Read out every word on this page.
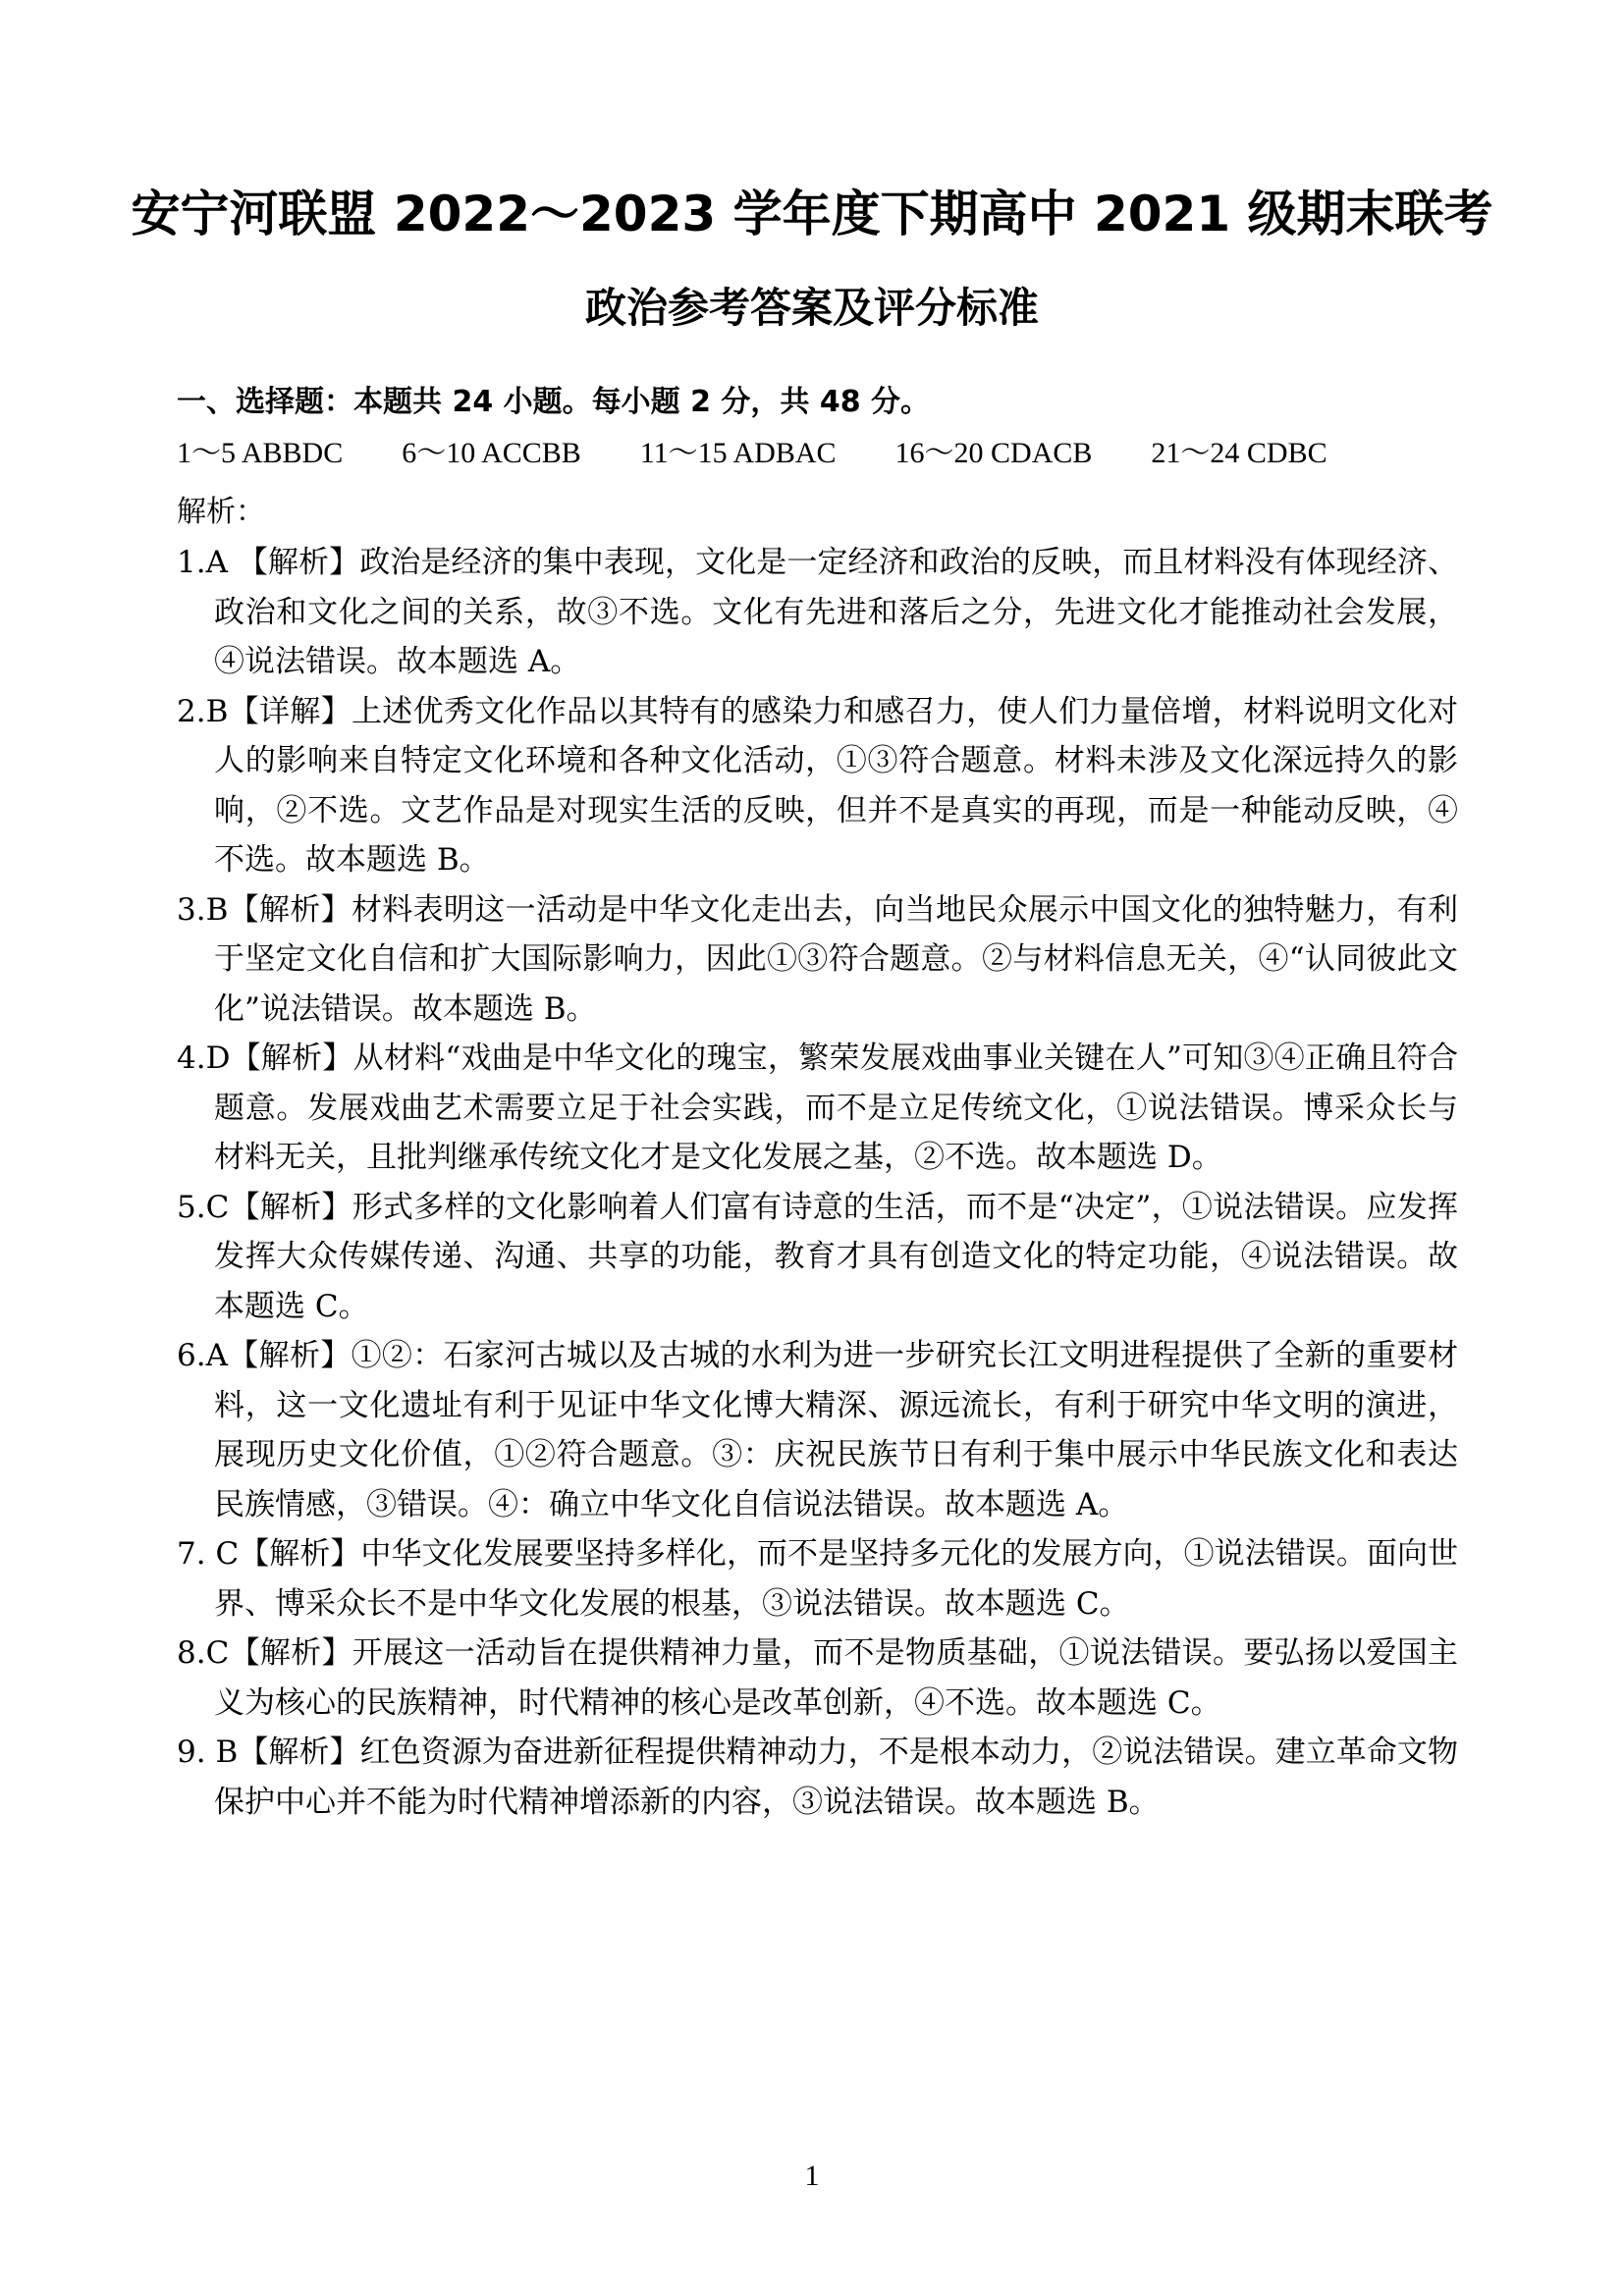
安宁河联盟 2022～2023 学年度下期高中 2021 级期末联考
政治参考答案及评分标准
一、选择题：本题共 24 小题。每小题 2 分，共 48 分。
1～5 ABBDC 6～10 ACCBB 11～15 ADBAC 16～20 CDACB 21～24 CDBC
解析：

1.A 【解析】政治是经济的集中表现，文化是一定经济和政治的反映，而且材料没有体现经济、政治和文化之间的关系，故③不选。文化有先进和落后之分，先进文化才能推动社会发展，④说法错误。故本题选 A。

2.B【详解】上述优秀文化作品以其特有的感染力和感召力，使人们力量倍增，材料说明文化对人的影响来自特定文化环境和各种文化活动，①③符合题意。材料未涉及文化深远持久的影响，②不选。文艺作品是对现实生活的反映，但并不是真实的再现，而是一种能动反映，④不选。故本题选 B。

3.B【解析】材料表明这一活动是中华文化走出去，向当地民众展示中国文化的独特魅力，有利于坚定文化自信和扩大国际影响力，因此①③符合题意。②与材料信息无关，④“认同彼此文化”说法错误。故本题选 B。

4.D【解析】从材料“戏曲是中华文化的瑰宝，繁荣发展戏曲事业关键在人”可知③④正确且符合题意。发展戏曲艺术需要立足于社会实践，而不是立足传统文化，①说法错误。博采众长与材料无关，且批判继承传统文化才是文化发展之基，②不选。故本题选 D。

5.C【解析】形式多样的文化影响着人们富有诗意的生活，而不是“决定”，①说法错误。应发挥发挥大众传媒传递、沟通、共享的功能，教育才具有创造文化的特定功能，④说法错误。故本题选 C。

6.A【解析】①②：石家河古城以及古城的水利为进一步研究长江文明进程提供了全新的重要材料，这一文化遗址有利于见证中华文化博大精深、源远流长，有利于研究中华文明的演进，展现历史文化价值，①②符合题意。③：庆祝民族节日有利于集中展示中华民族文化和表达民族情感，③错误。④：确立中华文化自信说法错误。故本题选 A。

7. C【解析】中华文化发展要坚持多样化，而不是坚持多元化的发展方向，①说法错误。面向世界、博采众长不是中华文化发展的根基，③说法错误。故本题选 C。

8.C【解析】开展这一活动旨在提供精神力量，而不是物质基础，①说法错误。要弘扬以爱国主义为核心的民族精神，时代精神的核心是改革创新，④不选。故本题选 C。

9. B【解析】红色资源为奋进新征程提供精神动力，不是根本动力，②说法错误。建立革命文物保护中心并不能为时代精神增添新的内容，③说法错误。故本题选 B。

1
